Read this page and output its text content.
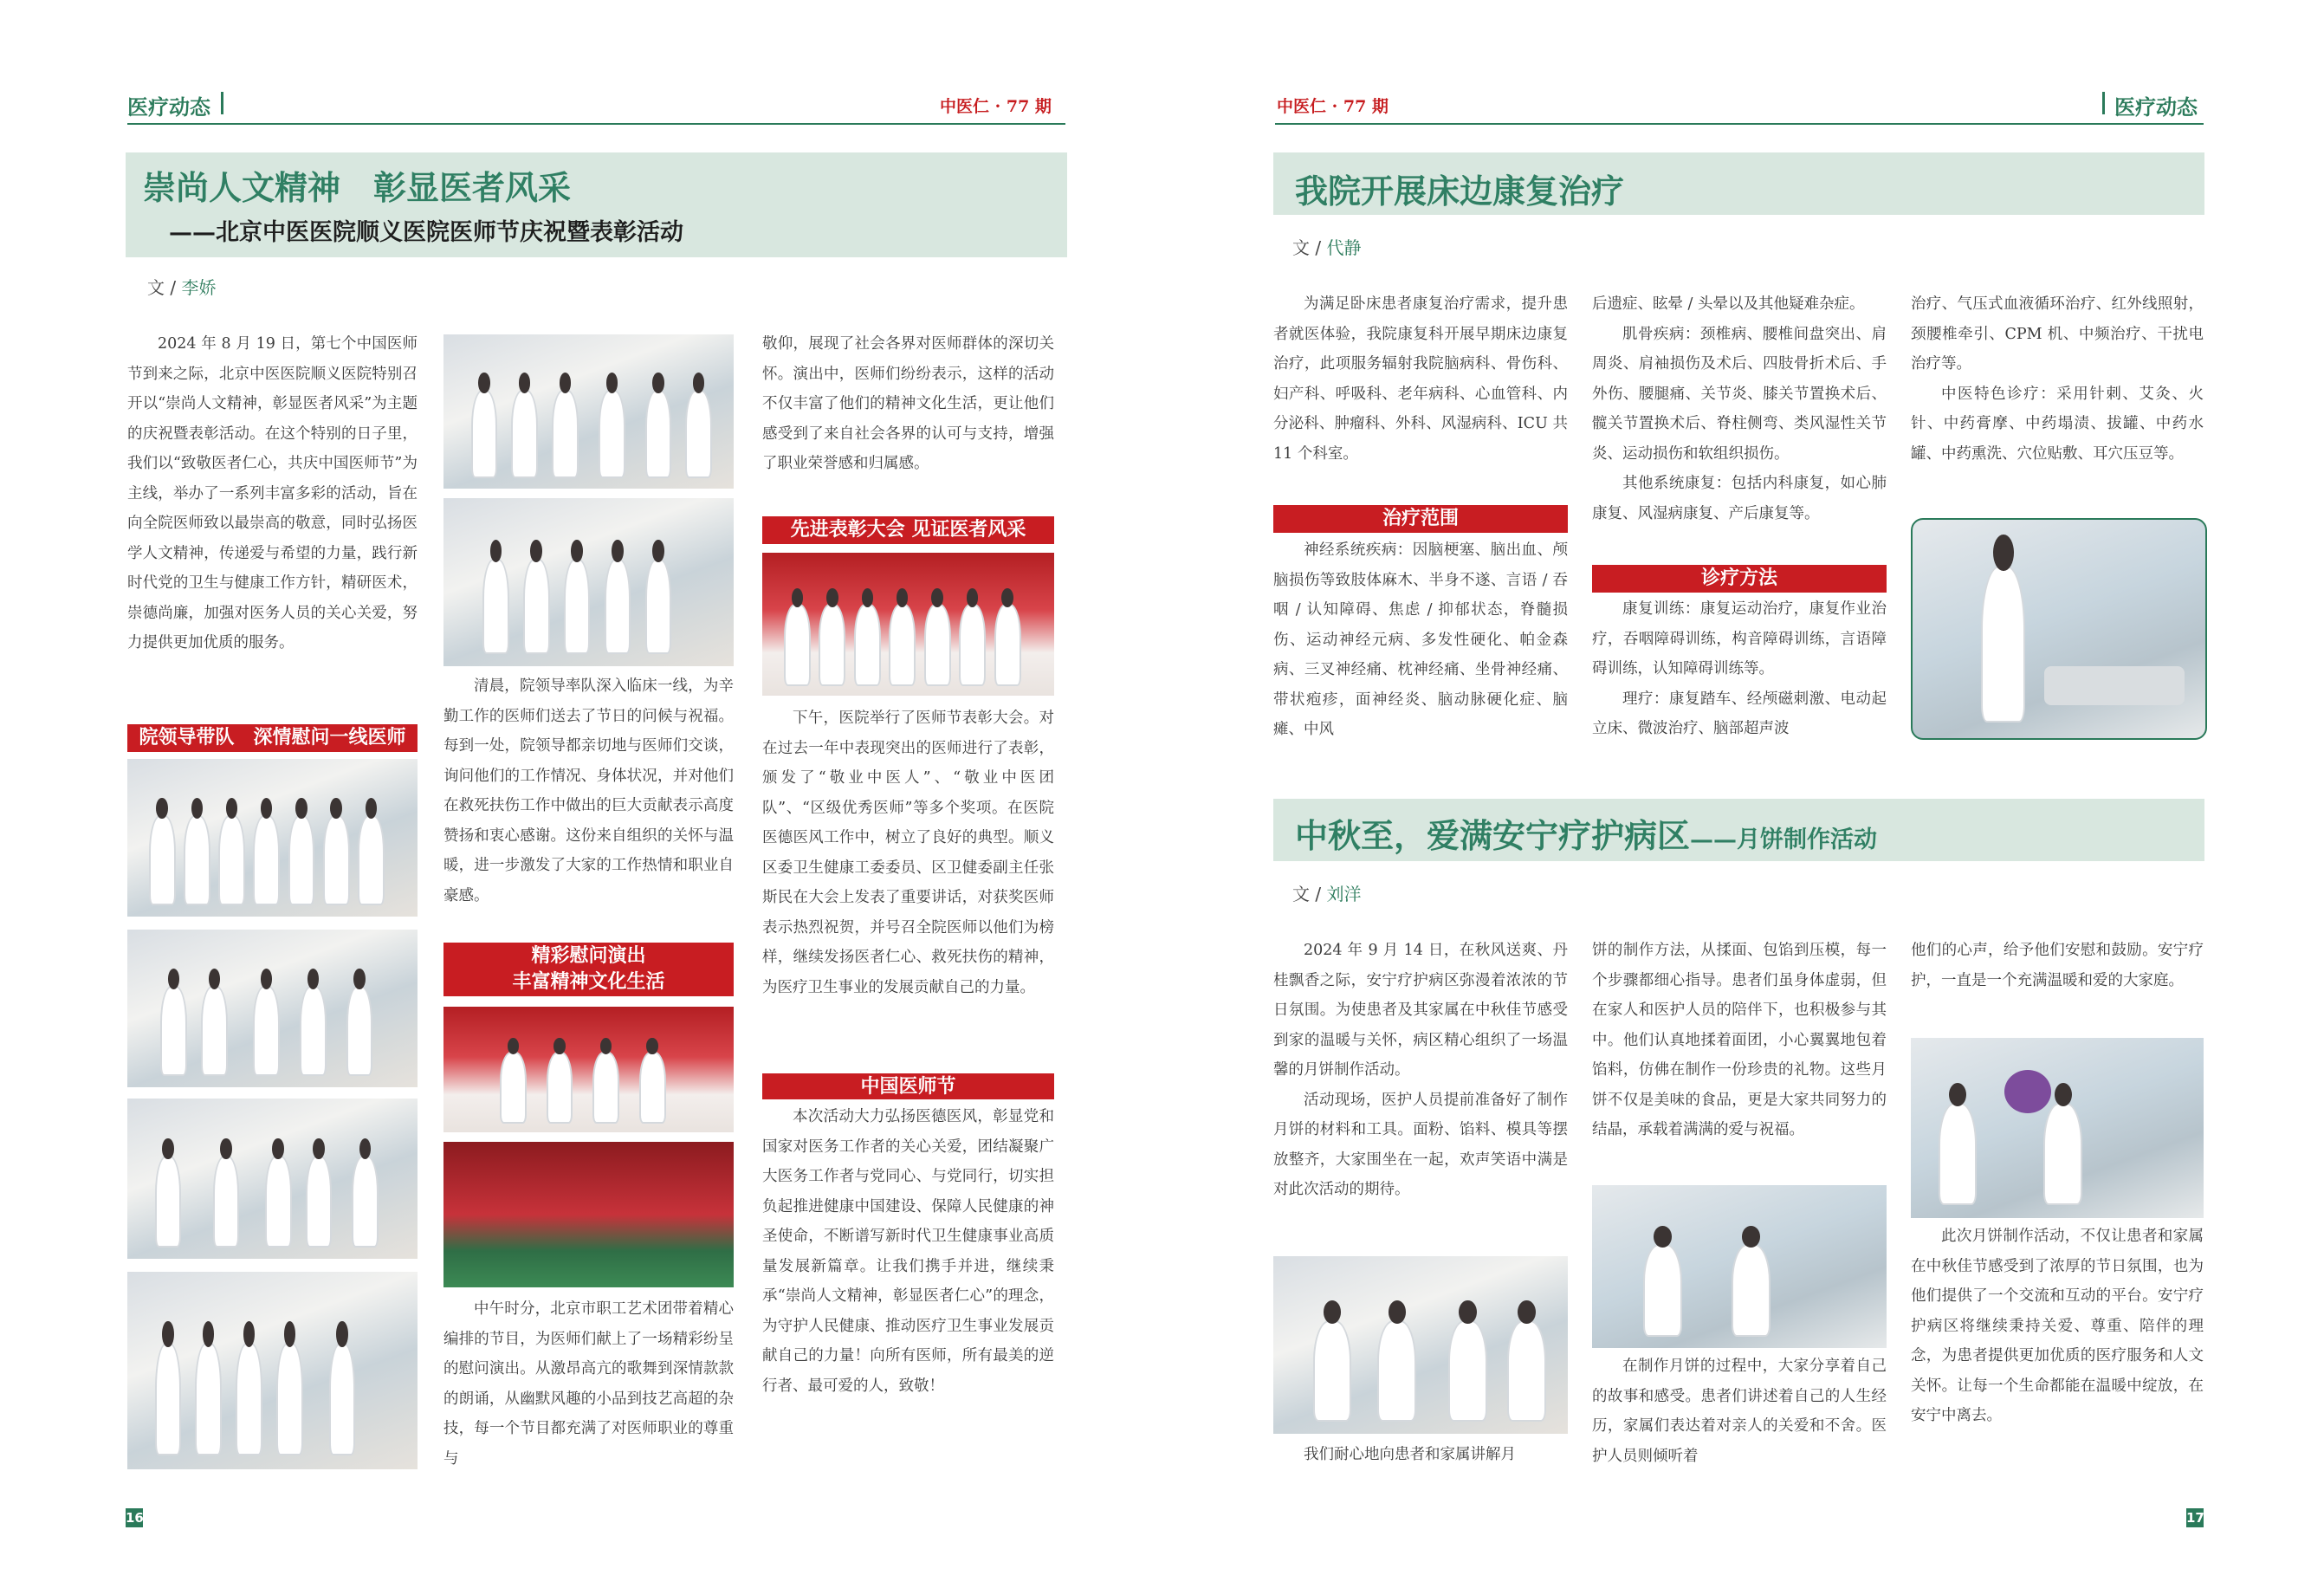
医疗动态	中医仁 · 77 期
崇尚人文精神　彰显医者风采
——北京中医医院顺义医院医师节庆祝暨表彰活动
文 / 李娇

2024 年 8 月 19 日，第七个中国医师节到来之际，北京中医医院顺义医院特别召开以“崇尚人文精神，彰显医者风采”为主题的庆祝暨表彰活动。在这个特别的日子里，我们以“致敬医者仁心，共庆中国医师节”为主线，举办了一系列丰富多彩的活动，旨在向全院医师致以最崇高的敬意，同时弘扬医学人文精神，传递爱与希望的力量，践行新时代党的卫生与健康工作方针，精研医术，崇德尚廉，加强对医务人员的关心关爱，努力提供更加优质的服务。

院领导带队　深情慰问一线医师

清晨，院领导率队深入临床一线，为辛勤工作的医师们送去了节日的问候与祝福。每到一处，院领导都亲切地与医师们交谈，询问他们的工作情况、身体状况，并对他们在救死扶伤工作中做出的巨大贡献表示高度赞扬和衷心感谢。这份来自组织的关怀与温暖，进一步激发了大家的工作热情和职业自豪感。

精彩慰问演出
丰富精神文化生活

中午时分，北京市职工艺术团带着精心编排的节目，为医师们献上了一场精彩纷呈的慰问演出。从激昂高亢的歌舞到深情款款的朗诵，从幽默风趣的小品到技艺高超的杂技，每一个节目都充满了对医师职业的尊重与

敬仰，展现了社会各界对医师群体的深切关怀。演出中，医师们纷纷表示，这样的活动不仅丰富了他们的精神文化生活，更让他们感受到了来自社会各界的认可与支持，增强了职业荣誉感和归属感。

先进表彰大会 见证医者风采

下午，医院举行了医师节表彰大会。对在过去一年中表现突出的医师进行了表彰，颁发了“敬业中医人”、“敬业中医团队”、“区级优秀医师”等多个奖项。在医院医德医风工作中，树立了良好的典型。顺义区委卫生健康工委委员、区卫健委副主任张斯民在大会上发表了重要讲话，对获奖医师表示热烈祝贺，并号召全院医师以他们为榜样，继续发扬医者仁心、救死扶伤的精神，为医疗卫生事业的发展贡献自己的力量。

中国医师节

本次活动大力弘扬医德医风，彰显党和国家对医务工作者的关心关爱，团结凝聚广大医务工作者与党同心、与党同行，切实担负起推进健康中国建设、保障人民健康的神圣使命，不断谱写新时代卫生健康事业高质量发展新篇章。让我们携手并进，继续秉承“崇尚人文精神，彰显医者仁心”的理念，为守护人民健康、推动医疗卫生事业发展贡献自己的力量！向所有医师，所有最美的逆行者、最可爱的人，致敬！

16
中医仁 · 77 期	医疗动态
我院开展床边康复治疗
文 / 代静

为满足卧床患者康复治疗需求，提升患者就医体验，我院康复科开展早期床边康复治疗，此项服务辐射我院脑病科、骨伤科、妇产科、呼吸科、老年病科、心血管科、内分泌科、肿瘤科、外科、风湿病科、ICU 共 11 个科室。

治疗范围

神经系统疾病：因脑梗塞、脑出血、颅脑损伤等致肢体麻木、半身不遂、言语 / 吞咽 / 认知障碍、焦虑 / 抑郁状态，脊髓损伤、运动神经元病、多发性硬化、帕金森病、三叉神经痛、枕神经痛、坐骨神经痛、带状疱疹，面神经炎、脑动脉硬化症、脑瘫、中风

后遗症、眩晕 / 头晕以及其他疑难杂症。

肌骨疾病：颈椎病、腰椎间盘突出、肩周炎、肩袖损伤及术后、四肢骨折术后、手外伤、腰腿痛、关节炎、膝关节置换术后、髋关节置换术后、脊柱侧弯、类风湿性关节炎、运动损伤和软组织损伤。

其他系统康复：包括内科康复，如心肺康复、风湿病康复、产后康复等。

诊疗方法

康复训练：康复运动治疗，康复作业治疗，吞咽障碍训练，构音障碍训练，言语障碍训练，认知障碍训练等。

理疗：康复踏车、经颅磁刺激、电动起立床、微波治疗、脑部超声波

治疗、气压式血液循环治疗、红外线照射，颈腰椎牵引、CPM 机、中频治疗、干扰电治疗等。

中医特色诊疗：采用针刺、艾灸、火针、中药膏摩、中药塌渍、拔罐、中药水罐、中药熏洗、穴位贴敷、耳穴压豆等。

中秋至，爱满安宁疗护病区——月饼制作活动
文 / 刘洋

2024 年 9 月 14 日，在秋风送爽、丹桂飘香之际，安宁疗护病区弥漫着浓浓的节日氛围。为使患者及其家属在中秋佳节感受到家的温暖与关怀，病区精心组织了一场温馨的月饼制作活动。

活动现场，医护人员提前准备好了制作月饼的材料和工具。面粉、馅料、模具等摆放整齐，大家围坐在一起，欢声笑语中满是对此次活动的期待。

我们耐心地向患者和家属讲解月

饼的制作方法，从揉面、包馅到压模，每一个步骤都细心指导。患者们虽身体虚弱，但在家人和医护人员的陪伴下，也积极参与其中。他们认真地揉着面团，小心翼翼地包着馅料，仿佛在制作一份珍贵的礼物。这些月饼不仅是美味的食品，更是大家共同努力的结晶，承载着满满的爱与祝福。

在制作月饼的过程中，大家分享着自己的故事和感受。患者们讲述着自己的人生经历，家属们表达着对亲人的关爱和不舍。医护人员则倾听着

他们的心声，给予他们安慰和鼓励。安宁疗护，一直是一个充满温暖和爱的大家庭。

此次月饼制作活动，不仅让患者和家属在中秋佳节感受到了浓厚的节日氛围，也为他们提供了一个交流和互动的平台。安宁疗护病区将继续秉持关爱、尊重、陪伴的理念，为患者提供更加优质的医疗服务和人文关怀。让每一个生命都能在温暖中绽放，在安宁中离去。

17
